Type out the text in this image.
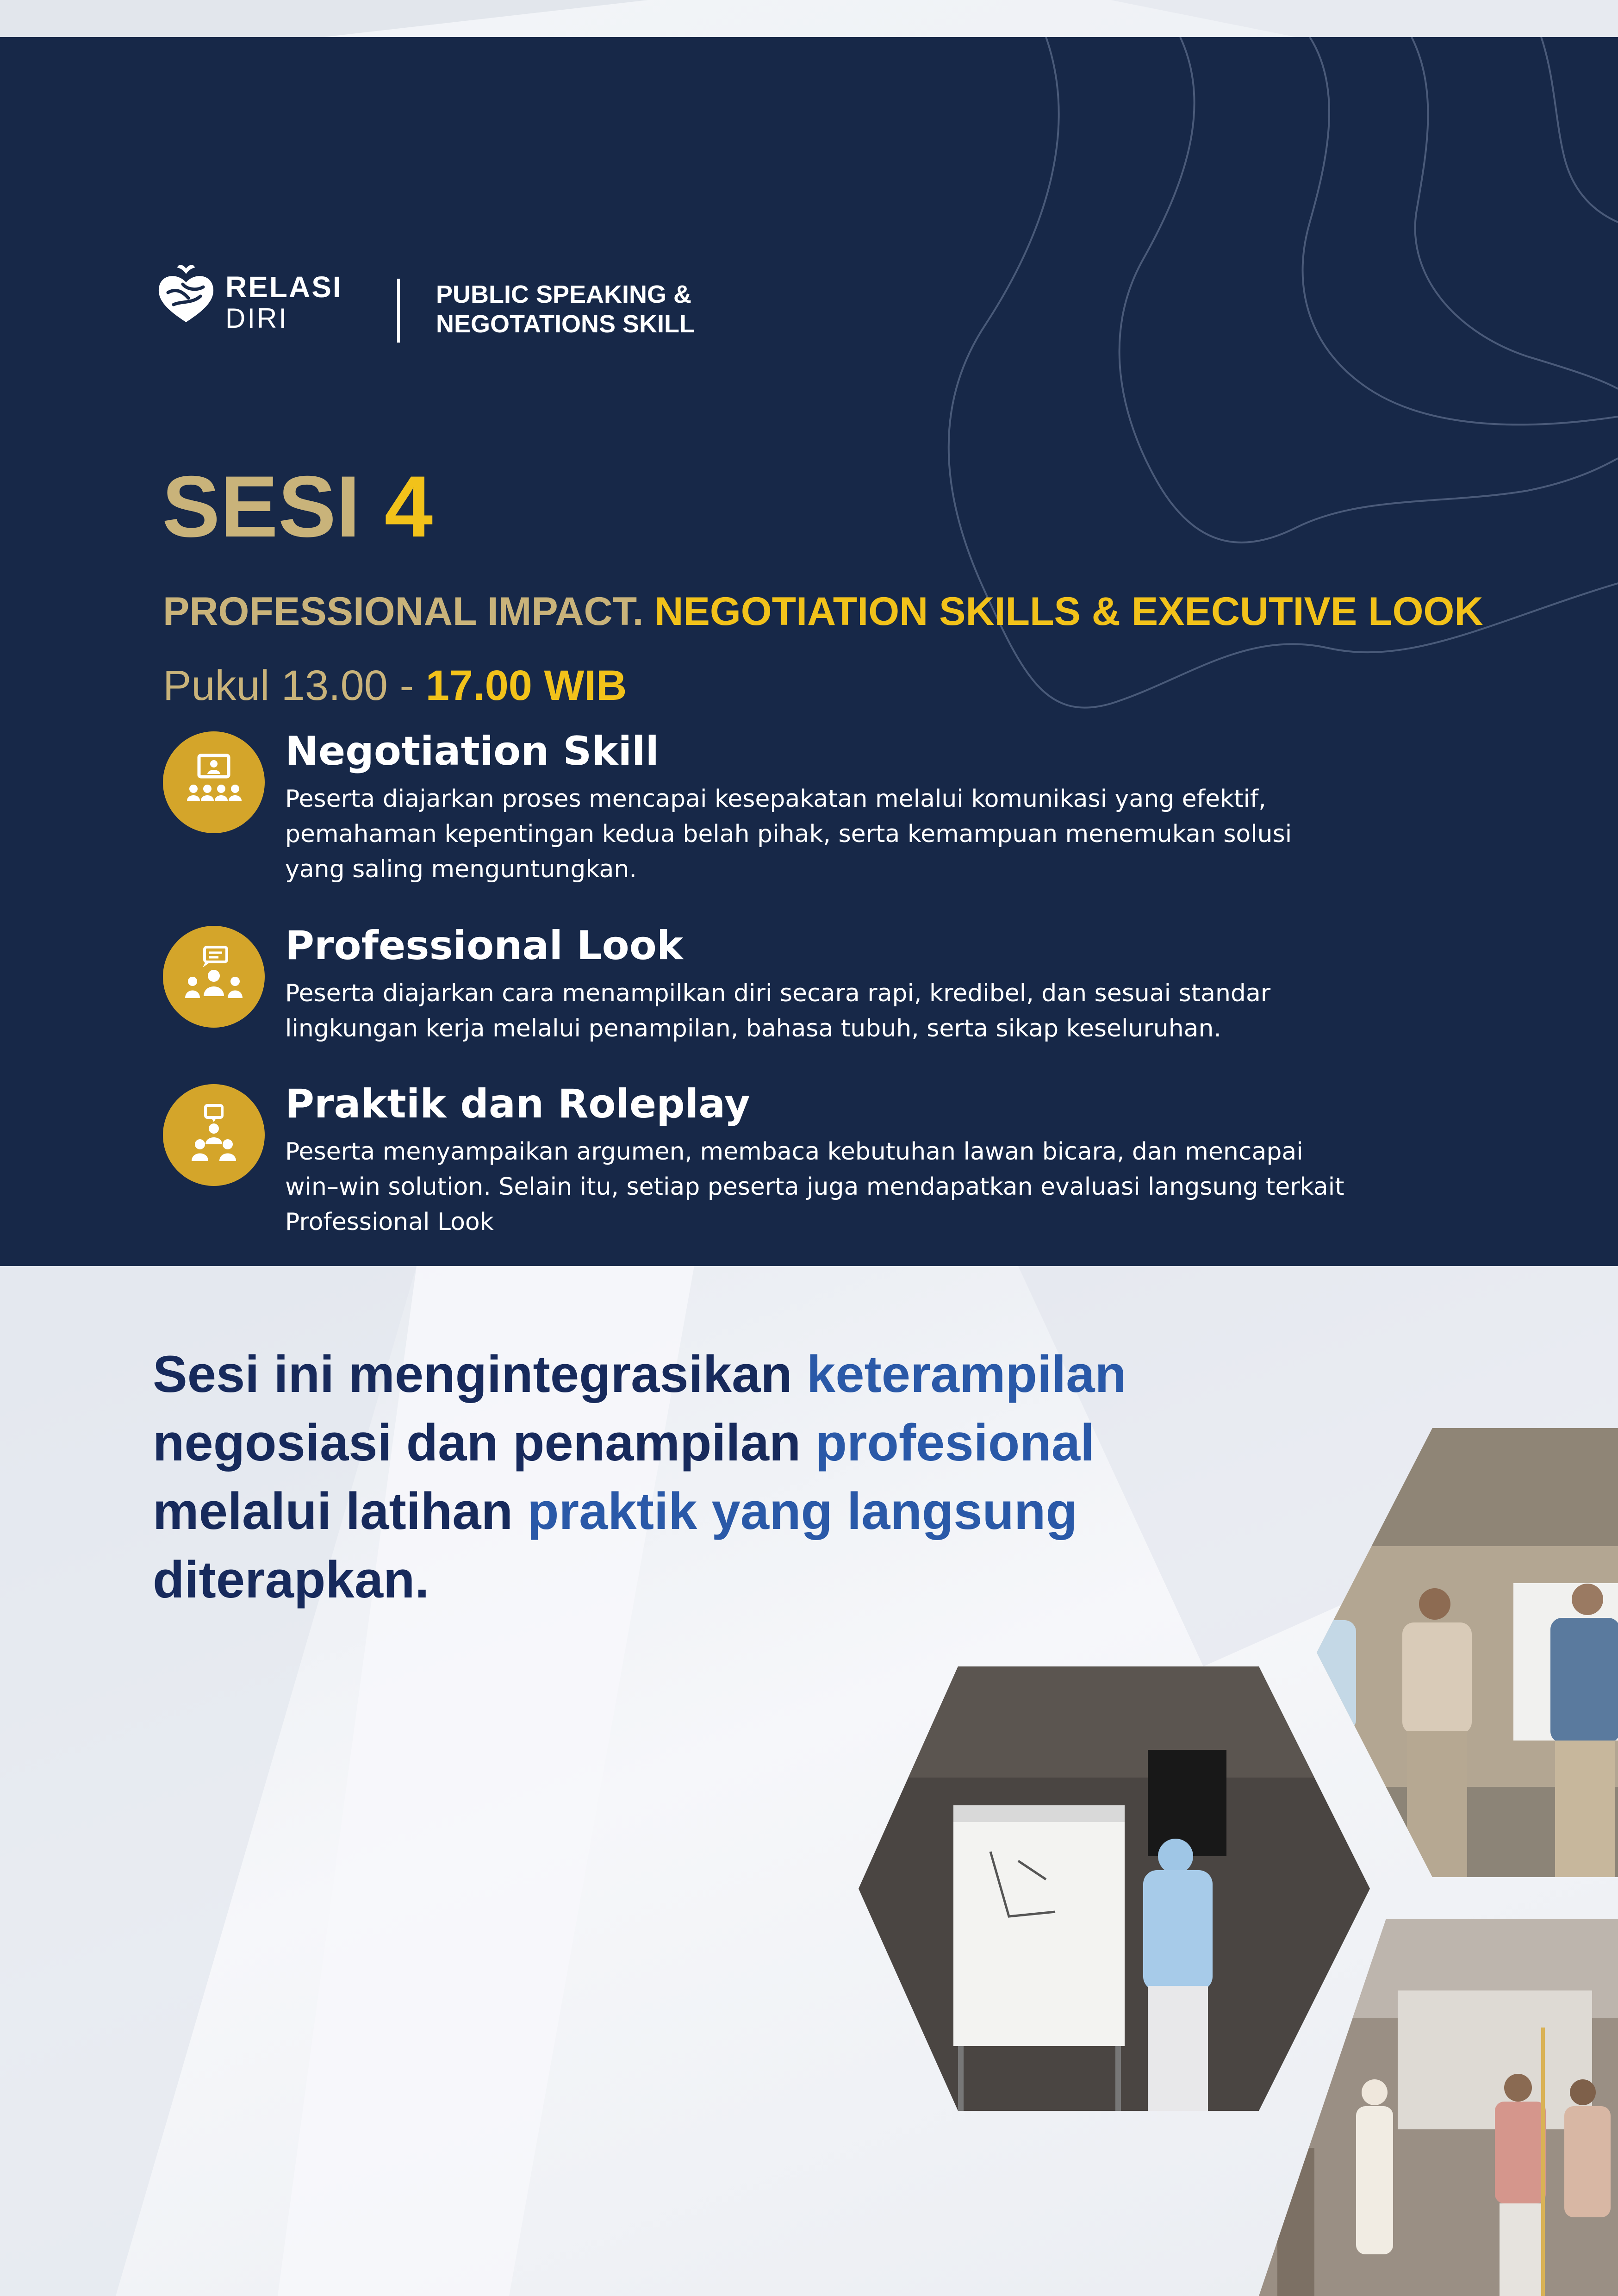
RELASI
DIRI
PUBLIC SPEAKING &
NEGOTATIONS SKILL
SESI 4
PROFESSIONAL IMPACT. NEGOTIATION SKILLS & EXECUTIVE LOOK
Pukul 13.00 - 17.00 WIB
Negotiation Skill
Peserta diajarkan proses mencapai kesepakatan melalui komunikasi yang efektif,
pemahaman kepentingan kedua belah pihak, serta kemampuan menemukan solusi
yang saling menguntungkan.
Professional Look
Peserta diajarkan cara menampilkan diri secara rapi, kredibel, dan sesuai standar
lingkungan kerja melalui penampilan, bahasa tubuh, serta sikap keseluruhan.
Praktik dan Roleplay
Peserta menyampaikan argumen, membaca kebutuhan lawan bicara, dan mencapai
win–win solution. Selain itu, setiap peserta juga mendapatkan evaluasi langsung terkait
Professional Look
Sesi ini mengintegrasikan keterampilan
negosiasi dan penampilan profesional
melalui latihan praktik yang langsung
diterapkan.
